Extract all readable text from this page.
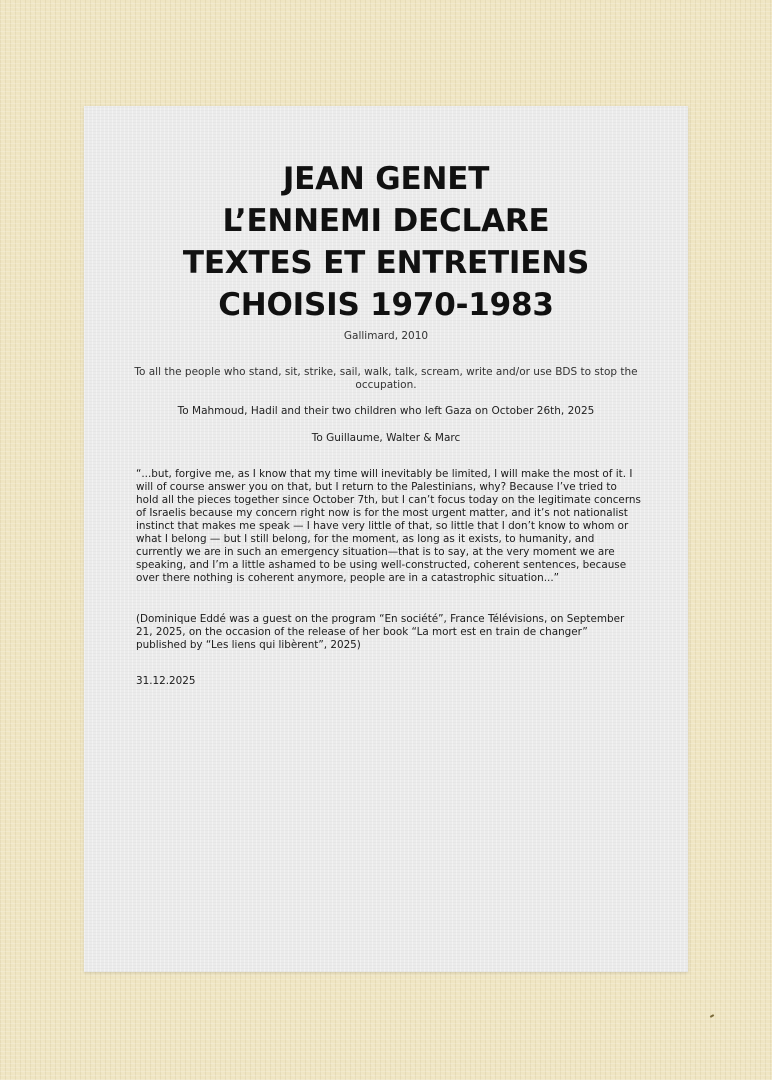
JEAN GENET
L’ENNEMI DECLARE
TEXTES ET ENTRETIENS
CHOISIS 1970-1983
Gallimard, 2010
To all the people who stand, sit, strike, sail, walk, talk, scream, write and/or use BDS to stop the occupation.
To Mahmoud, Hadil and their two children who left Gaza on October 26th, 2025
To Guillaume, Walter & Marc

“...but, forgive me, as I know that my time will inevitably be limited, I will make the most of it. I will of course answer you on that, but I return to the Palestinians, why? Because I’ve tried to hold all the pieces together since October 7th, but I can’t focus today on the legitimate concerns of Israelis because my concern right now is for the most urgent matter, and it’s not nationalist instinct that makes me speak — I have very little of that, so little that I don’t know to whom or what I belong — but I still belong, for the moment, as long as it exists, to humanity, and currently we are in such an emergency situation—that is to say, at the very moment we are speaking, and I’m a little ashamed to be using well-constructed, coherent sentences, because over there nothing is coherent anymore, people are in a catastrophic situation...”

(Dominique Eddé was a guest on the program “En société”, France Télévisions, on September 21, 2025, on the occasion of the release of her book “La mort est en train de changer” published by “Les liens qui libèrent”, 2025)

31.12.2025
